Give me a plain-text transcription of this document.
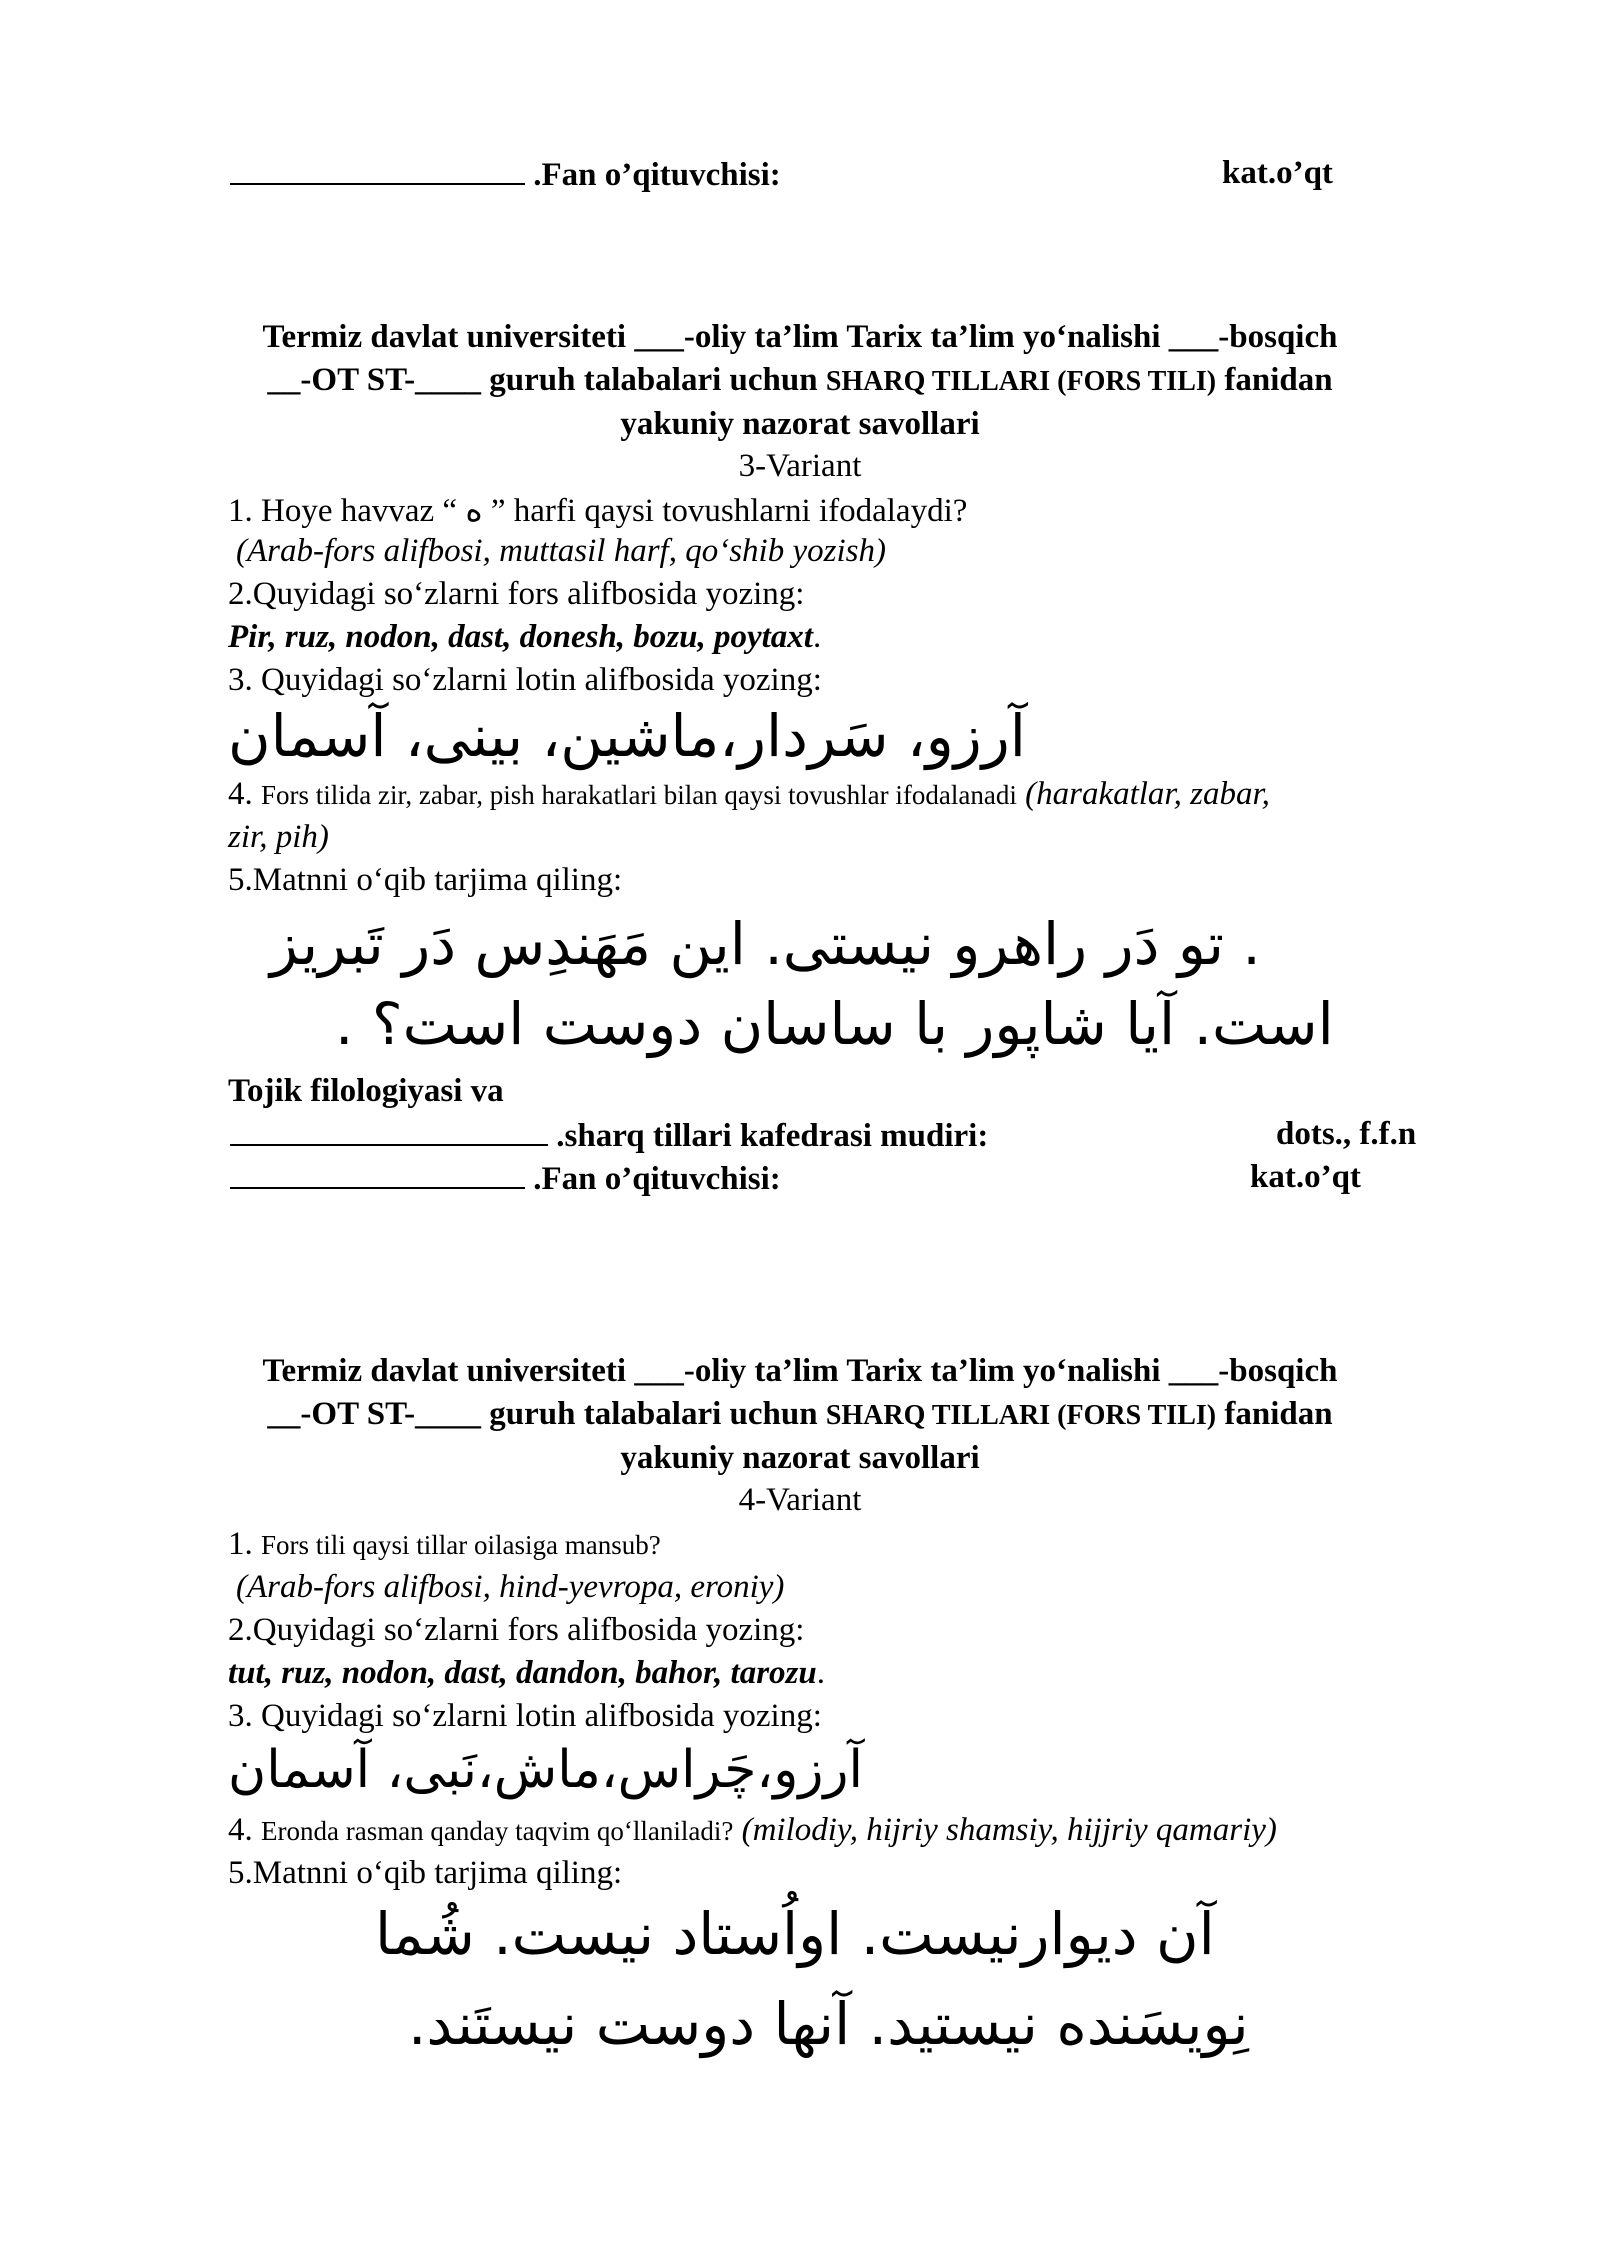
.Fan o’qituvchisi:	kat.o’qt
Termiz davlat universiteti ___-oliy ta’lim Tarix ta’lim yo‘nalishi ___-bosqich
__-OT ST-____ guruh talabalari uchun SHARQ TILLARI (FORS TILI) fanidan
yakuniy nazorat savollari
3-Variant
1. Hoye havvaz “ ه ” harfi qaysi tovushlarni ifodalaydi?
(Arab-fors alifbosi, muttasil harf, qo‘shib yozish)
2.Quyidagi so‘zlarni fors alifbosida yozing:
Pir, ruz, nodon, dast, donesh, bozu, poytaxt.
3. Quyidagi so‘zlarni lotin alifbosida yozing:
آرزو، سَردار،ماشین، بینی، آسمان
4. Fors tilida zir, zabar, pish harakatlari bilan qaysi tovushlar ifodalanadi (harakatlar, zabar,
zir, pih)
5.Matnni o‘qib tarjima qiling:
. تو دَر راهرو نیستی. این مَهَندِس دَر تَبریز
است. آیا شاپور با ساسان دوست است؟ .
Tojik filologiyasi va
.sharq tillari kafedrasi mudiri:	dots., f.f.n
.Fan o’qituvchisi:	kat.o’qt
Termiz davlat universiteti ___-oliy ta’lim Tarix ta’lim yo‘nalishi ___-bosqich
__-OT ST-____ guruh talabalari uchun SHARQ TILLARI (FORS TILI) fanidan
yakuniy nazorat savollari
4-Variant
1. Fors tili qaysi tillar oilasiga mansub?
(Arab-fors alifbosi, hind-yevropa, eroniy)
2.Quyidagi so‘zlarni fors alifbosida yozing:
tut, ruz, nodon, dast, dandon, bahor, tarozu.
3. Quyidagi so‘zlarni lotin alifbosida yozing:
آرزو،چَراس،ماش،نَبی، آسمان
4. Eronda rasman qanday taqvim qo‘llaniladi? (milodiy, hijriy shamsiy, hijjriy qamariy)
5.Matnni o‘qib tarjima qiling:
آن دیوارنیست. اواُستاد نیست. شُما
نِویسَنده نیستید. آنها دوست نیستَند.
